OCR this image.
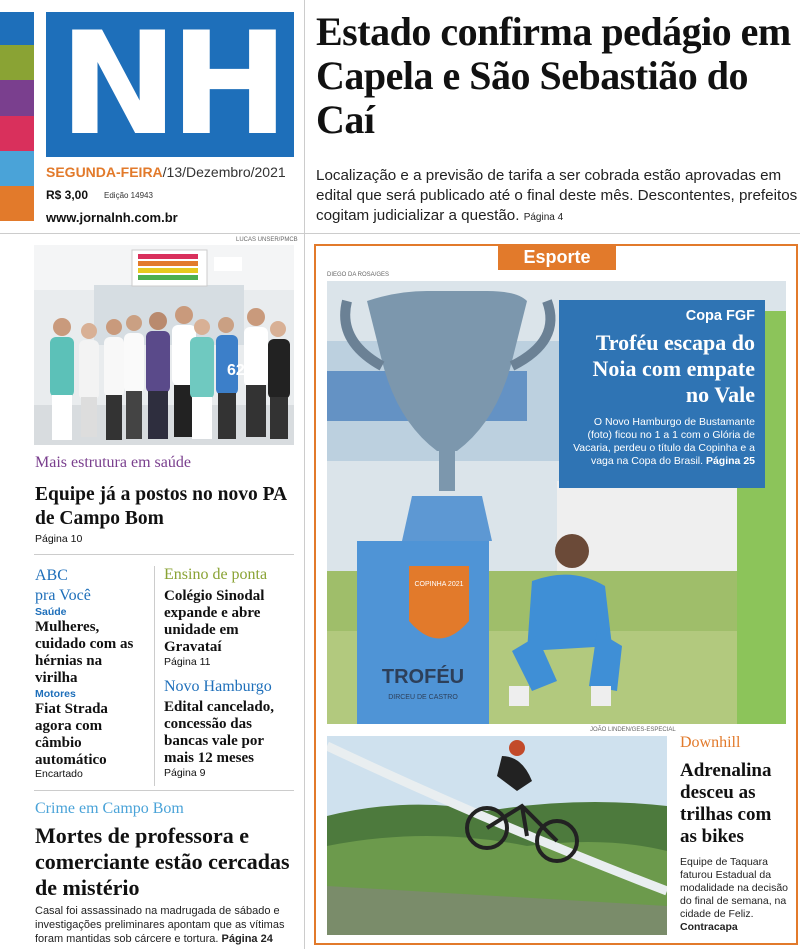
NH
SEGUNDA-FEIRA/13/Dezembro/2021
R$ 3,00 Edição 14943
www.jornalnh.com.br
Estado confirma pedágio em Capela e São Sebastião do Caí
Localização e a previsão de tarifa a ser cobrada estão aprovadas em edital que será publicado até o final deste mês. Descontentes, prefeitos cogitam judicializar a questão. Página 4
LUCAS UNSER/PMCB
62
Mais estrutura em saúde
Equipe já a postos no novo PA de Campo Bom
Página 10
ABC
pra Você
Saúde
Mulheres, cuidado com as hérnias na virilha
Motores
Fiat Strada agora com câmbio automático
Encartado
Ensino de ponta
Colégio Sinodal expande e abre unidade em Gravataí
Página 11
Novo Hamburgo
Edital cancelado, concessão das bancas vale por mais 12 meses
Página 9
Crime em Campo Bom
Mortes de professora e comerciante estão cercadas de mistério
Casal foi assassinado na madrugada de sábado e investigações preliminares apontam que as vítimas foram mantidas sob cárcere e tortura. Página 24
Esporte
DIEGO DA ROSA/GES
COPINHA 2021
TROFÉU
DIRCEU DE CASTRO
Copa FGF
Troféu escapa do Noia com empate no Vale
O Novo Hamburgo de Bustamante (foto) ficou no 1 a 1 com o Glória de Vacaria, perdeu o título da Copinha e a vaga na Copa do Brasil. Página 25
JOÃO LINDEN/GES-ESPECIAL
Downhill
Adrenalina desceu as trilhas com as bikes
Equipe de Taquara faturou Estadual da modalidade na decisão do final de semana, na cidade de Feliz. Contracapa
